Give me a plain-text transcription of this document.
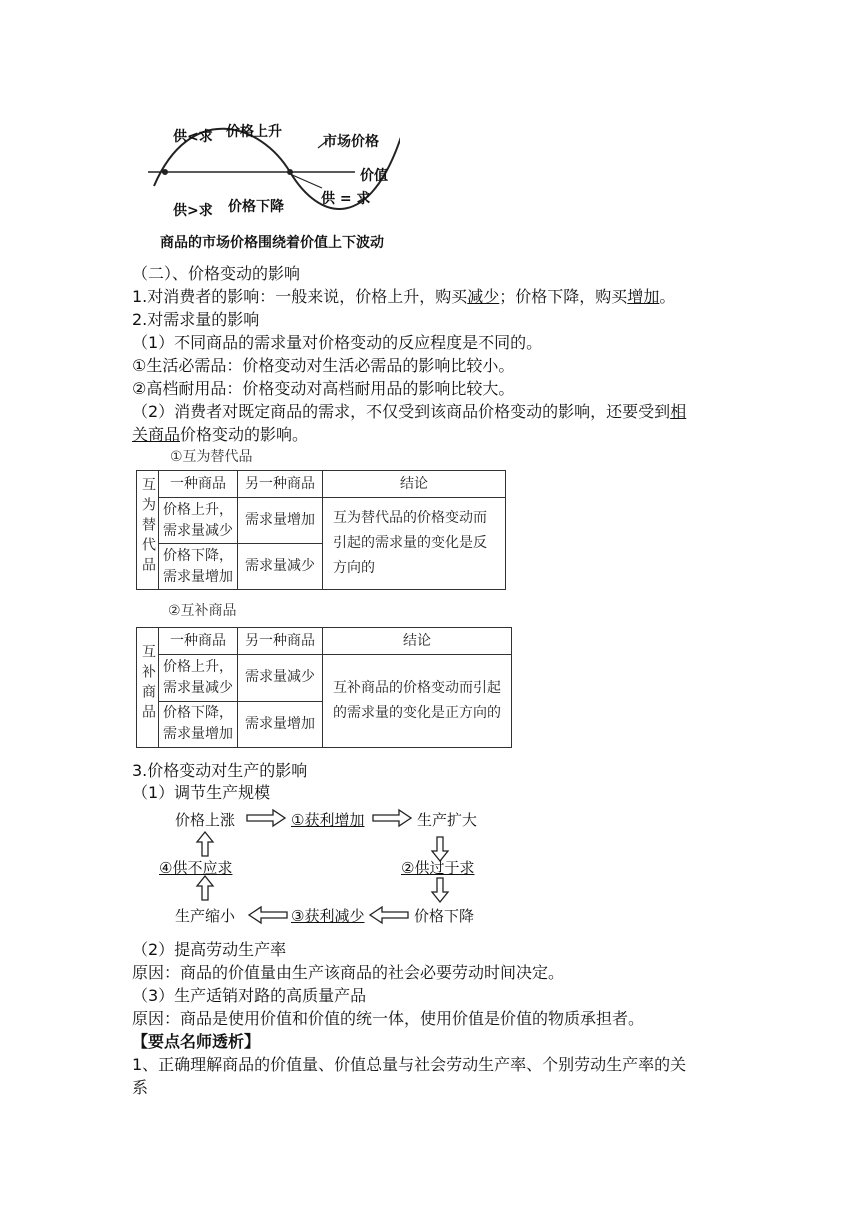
供<求 价格上升
市场价格
价值
供>求 价格下降	供 = 求
商品的市场价格围绕着价值上下波动
（二）、价格变动的影响
1.对消费者的影响：一般来说，价格上升，购买减少；价格下降，购买增加。
2.对需求量的影响
（1）不同商品的需求量对价格变动的反应程度是不同的。
①生活必需品：价格变动对生活必需品的影响比较小。
②高档耐用品：价格变动对高档耐用品的影响比较大。
（2）消费者对既定商品的需求，不仅受到该商品价格变动的影响，还要受到相
关商品价格变动的影响。
①互为替代品
互为替代品	一种商品	另一种商品	结论
	价格上升，需求量减少	需求量增加	互为替代品的价格变动而引起的需求量的变化是反方向的
	价格下降，需求量增加	需求量减少	
②互补商品
互补商品	一种商品	另一种商品	结论
	价格上升，需求量减少	需求量减少	互补商品的价格变动而引起的需求量的变化是正方向的
	价格下降，需求量增加	需求量增加	
3.价格变动对生产的影响
（1）调节生产规模
价格上涨	①获利增加	生产扩大
④供不应求	②供过于求
生产缩小	③获利减少	价格下降
（2）提高劳动生产率
原因：商品的价值量由生产该商品的社会必要劳动时间决定。
（3）生产适销对路的高质量产品
原因：商品是使用价值和价值的统一体，使用价值是价值的物质承担者。
【要点名师透析】
1、正确理解商品的价值量、价值总量与社会劳动生产率、个别劳动生产率的关
系
